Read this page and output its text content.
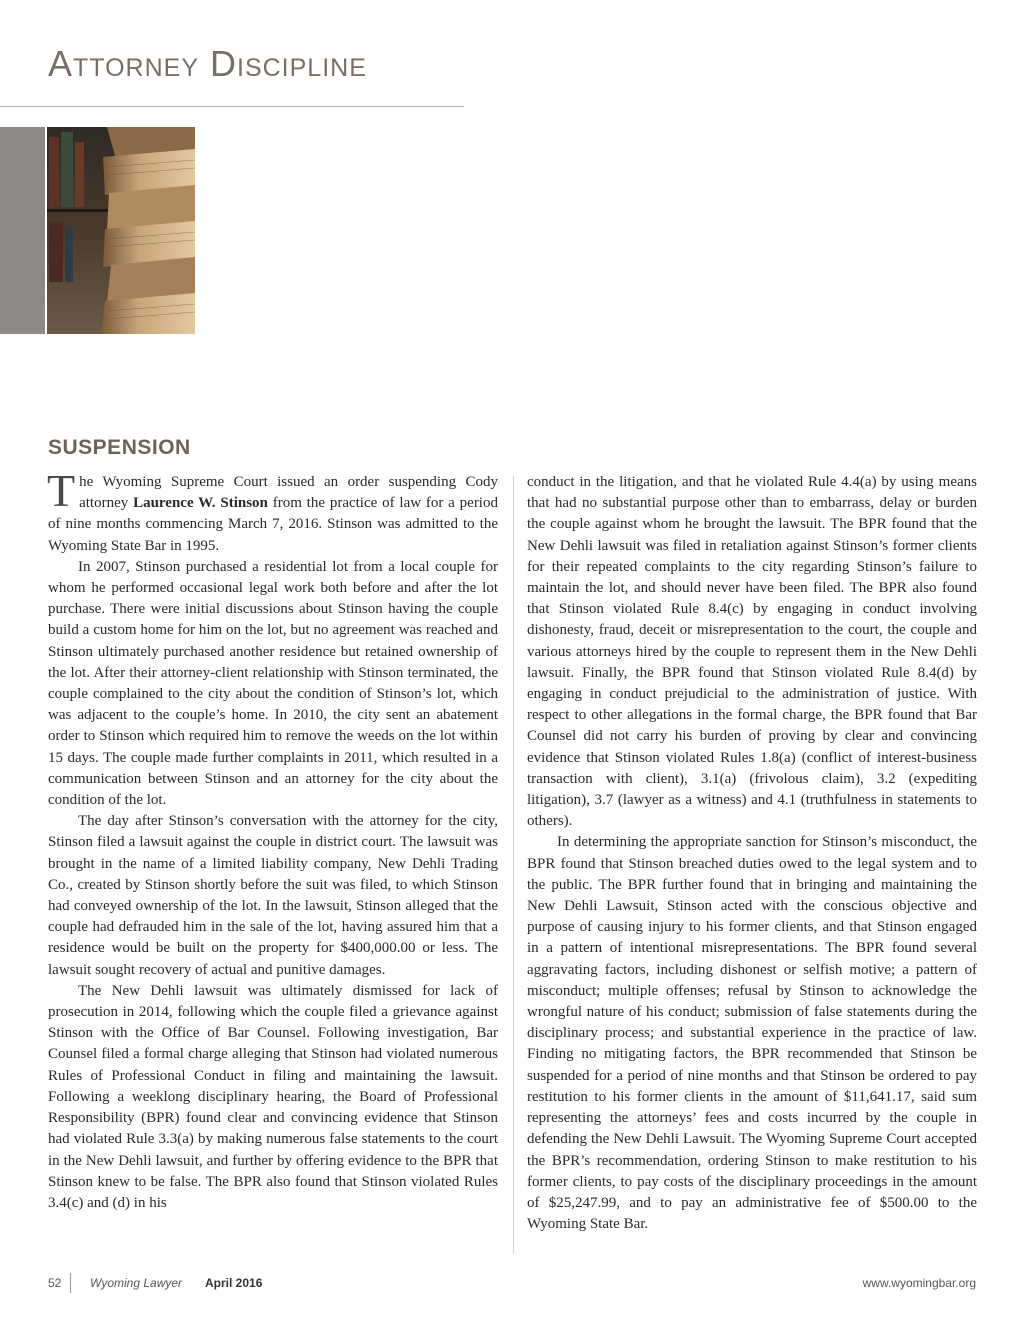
Attorney Discipline
SUSPENSION

The Wyoming Supreme Court issued an order suspending Cody attorney Laurence W. Stinson from the practice of law for a period of nine months commencing March 7, 2016. Stinson was admitted to the Wyoming State Bar in 1995.

In 2007, Stinson purchased a residential lot from a local couple for whom he performed occasional legal work both before and after the lot purchase. There were initial discussions about Stinson having the couple build a custom home for him on the lot, but no agreement was reached and Stinson ultimately purchased another residence but retained ownership of the lot. After their attorney-client relationship with Stinson terminated, the couple complained to the city about the condition of Stinson’s lot, which was adjacent to the couple’s home. In 2010, the city sent an abatement order to Stinson which required him to remove the weeds on the lot within 15 days. The couple made further complaints in 2011, which resulted in a communication between Stinson and an attorney for the city about the condition of the lot.

The day after Stinson’s conversation with the attorney for the city, Stinson filed a lawsuit against the couple in district court. The lawsuit was brought in the name of a limited liability company, New Dehli Trading Co., created by Stinson shortly before the suit was filed, to which Stinson had conveyed ownership of the lot. In the lawsuit, Stinson alleged that the couple had defrauded him in the sale of the lot, having assured him that a residence would be built on the property for $400,000.00 or less. The lawsuit sought recovery of actual and punitive damages.

The New Dehli lawsuit was ultimately dismissed for lack of prosecution in 2014, following which the couple filed a grievance against Stinson with the Office of Bar Counsel. Following investigation, Bar Counsel filed a formal charge alleging that Stinson had violated numerous Rules of Professional Conduct in filing and maintaining the lawsuit. Following a weeklong disciplinary hearing, the Board of Professional Responsibility (BPR) found clear and convincing evidence that Stinson had violated Rule 3.3(a) by making numerous false statements to the court in the New Dehli lawsuit, and further by offering evidence to the BPR that Stinson knew to be false. The BPR also found that Stinson violated Rules 3.4(c) and (d) in his

conduct in the litigation, and that he violated Rule 4.4(a) by using means that had no substantial purpose other than to embarrass, delay or burden the couple against whom he brought the lawsuit. The BPR found that the New Dehli lawsuit was filed in retaliation against Stinson’s former clients for their repeated complaints to the city regarding Stinson’s failure to maintain the lot, and should never have been filed. The BPR also found that Stinson violated Rule 8.4(c) by engaging in conduct involving dishonesty, fraud, deceit or misrepresentation to the court, the couple and various attorneys hired by the couple to represent them in the New Dehli lawsuit. Finally, the BPR found that Stinson violated Rule 8.4(d) by engaging in conduct prejudicial to the administration of justice. With respect to other allegations in the formal charge, the BPR found that Bar Counsel did not carry his burden of proving by clear and convincing evidence that Stinson violated Rules 1.8(a) (conflict of interest-business transaction with client), 3.1(a) (frivolous claim), 3.2 (expediting litigation), 3.7 (lawyer as a witness) and 4.1 (truthfulness in statements to others).

In determining the appropriate sanction for Stinson’s misconduct, the BPR found that Stinson breached duties owed to the legal system and to the public. The BPR further found that in bringing and maintaining the New Dehli Lawsuit, Stinson acted with the conscious objective and purpose of causing injury to his former clients, and that Stinson engaged in a pattern of intentional misrepresentations. The BPR found several aggravating factors, including dishonest or selfish motive; a pattern of misconduct; multiple offenses; refusal by Stinson to acknowledge the wrongful nature of his conduct; submission of false statements during the disciplinary process; and substantial experience in the practice of law. Finding no mitigating factors, the BPR recommended that Stinson be suspended for a period of nine months and that Stinson be ordered to pay restitution to his former clients in the amount of $11,641.17, said sum representing the attorneys’ fees and costs incurred by the couple in defending the New Dehli Lawsuit. The Wyoming Supreme Court accepted the BPR’s recommendation, ordering Stinson to make restitution to his former clients, to pay costs of the disciplinary proceedings in the amount of $25,247.99, and to pay an administrative fee of $500.00 to the Wyoming State Bar.

52 Wyoming Lawyer April 2016	www.wyomingbar.org
